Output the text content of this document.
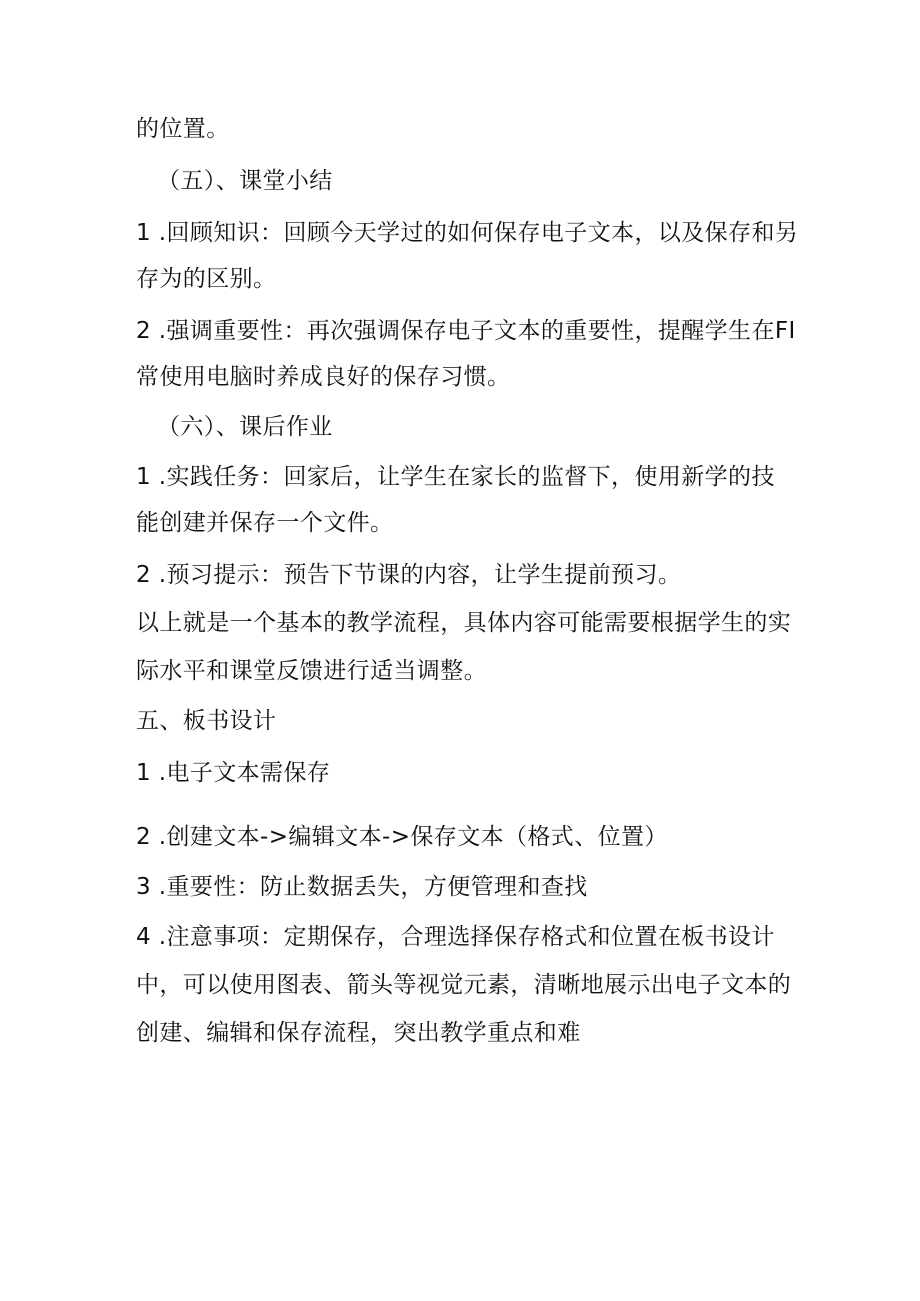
的位置。
（五）、课堂小结
1 .回顾知识：回顾今天学过的如何保存电子文本，以及保存和另
存为的区别。
2 .强调重要性：再次强调保存电子文本的重要性，提醒学生在FI
常使用电脑时养成良好的保存习惯。
（六）、课后作业
1 .实践任务：回家后，让学生在家长的监督下，使用新学的技
能创建并保存一个文件。
2 .预习提示：预告下节课的内容，让学生提前预习。
以上就是一个基本的教学流程，具体内容可能需要根据学生的实
际水平和课堂反馈进行适当调整。
五、板书设计
1 .电子文本需保存
2 .创建文本->编辑文本->保存文本（格式、位置）
3 .重要性：防止数据丢失，方便管理和查找
4 .注意事项：定期保存，合理选择保存格式和位置在板书设计
中，可以使用图表、箭头等视觉元素，清晰地展示出电子文本的
创建、编辑和保存流程，突出教学重点和难
